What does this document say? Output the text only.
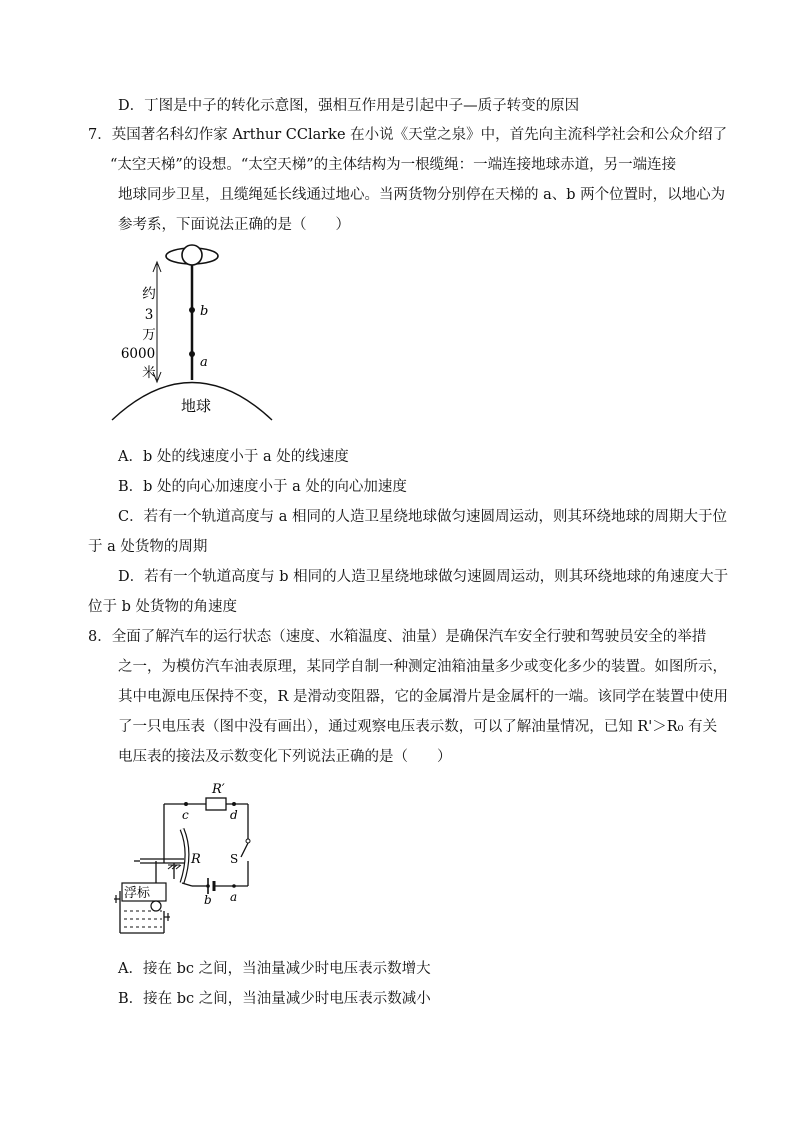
D．丁图是中子的转化示意图，强相互作用是引起中子—质子转变的原因
7．英国著名科幻作家 Arthur CClarke 在小说《天堂之泉》中，首先向主流科学社会和公众介绍了
“太空天梯”的设想。“太空天梯”的主体结构为一根缆绳：一端连接地球赤道，另一端连接
地球同步卫星，且缆绳延长线通过地心。当两货物分别停在天梯的 a、b 两个位置时，以地心为
参考系，下面说法正确的是（　　）
b
a
约
3
万
6000
米
地球
A．b 处的线速度小于 a 处的线速度
B．b 处的向心加速度小于 a 处的向心加速度
C．若有一个轨道高度与 a 相同的人造卫星绕地球做匀速圆周运动，则其环绕地球的周期大于位
于 a 处货物的周期
D．若有一个轨道高度与 b 相同的人造卫星绕地球做匀速圆周运动，则其环绕地球的角速度大于
位于 b 处货物的角速度
8．全面了解汽车的运行状态（速度、水箱温度、油量）是确保汽车安全行驶和驾驶员安全的举措
之一，为模仿汽车油表原理，某同学自制一种测定油箱油量多少或变化多少的装置。如图所示，
其中电源电压保持不变，R 是滑动变阻器，它的金属滑片是金属杆的一端。该同学在装置中使用
了一只电压表（图中没有画出），通过观察电压表示数，可以了解油量情况，已知 R'＞R₀ 有关
电压表的接法及示数变化下列说法正确的是（　　）
R′
c	d
S
b a
R
浮标
A．接在 bc 之间，当油量减少时电压表示数增大
B．接在 bc 之间，当油量减少时电压表示数减小
